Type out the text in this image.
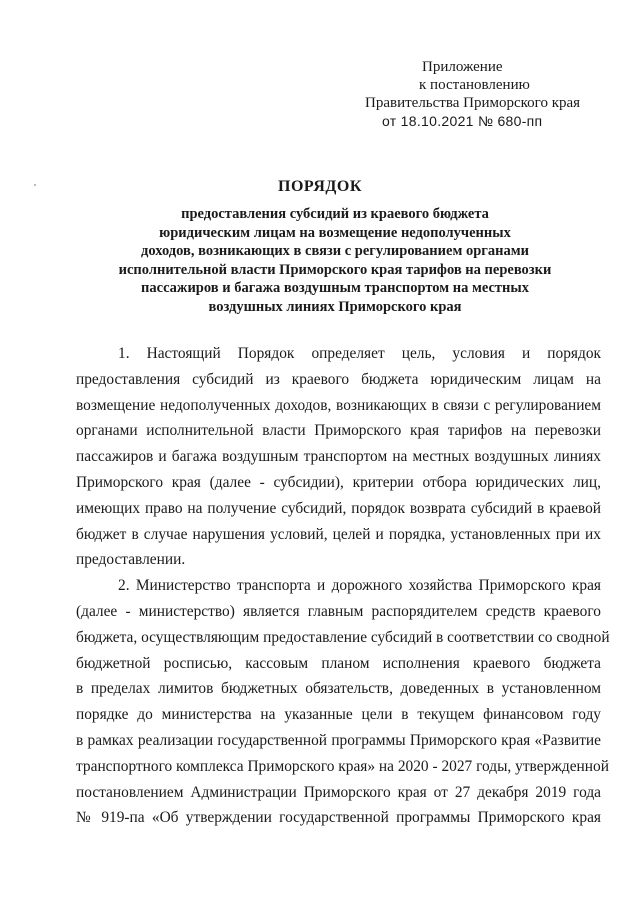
Приложение
к постановлению
Правительства Приморского края
от 18.10.2021 № 680-пп
ПОРЯДОК
предоставления субсидий из краевого бюджета
юридическим лицам на возмещение недополученных
доходов, возникающих в связи с регулированием органами
исполнительной власти Приморского края тарифов на перевозки
пассажиров и багажа воздушным транспортом на местных
воздушных линиях Приморского края
1. Настоящий Порядок определяет цель, условия и порядок
предоставления субсидий из краевого бюджета юридическим лицам на
возмещение недополученных доходов, возникающих в связи с регулированием
органами исполнительной власти Приморского края тарифов на перевозки
пассажиров и багажа воздушным транспортом на местных воздушных линиях
Приморского края (далее - субсидии), критерии отбора юридических лиц,
имеющих право на получение субсидий, порядок возврата субсидий в краевой
бюджет в случае нарушения условий, целей и порядка, установленных при их
предоставлении.
2. Министерство транспорта и дорожного хозяйства Приморского края
(далее - министерство) является главным распорядителем средств краевого
бюджета, осуществляющим предоставление субсидий в соответствии со сводной
бюджетной росписью, кассовым планом исполнения краевого бюджета
в пределах лимитов бюджетных обязательств, доведенных в установленном
порядке до министерства на указанные цели в текущем финансовом году
в рамках реализации государственной программы Приморского края «Развитие
транспортного комплекса Приморского края» на 2020 - 2027 годы, утвержденной
постановлением Администрации Приморского края от 27 декабря 2019 года
№ 919-па «Об утверждении государственной программы Приморского края
